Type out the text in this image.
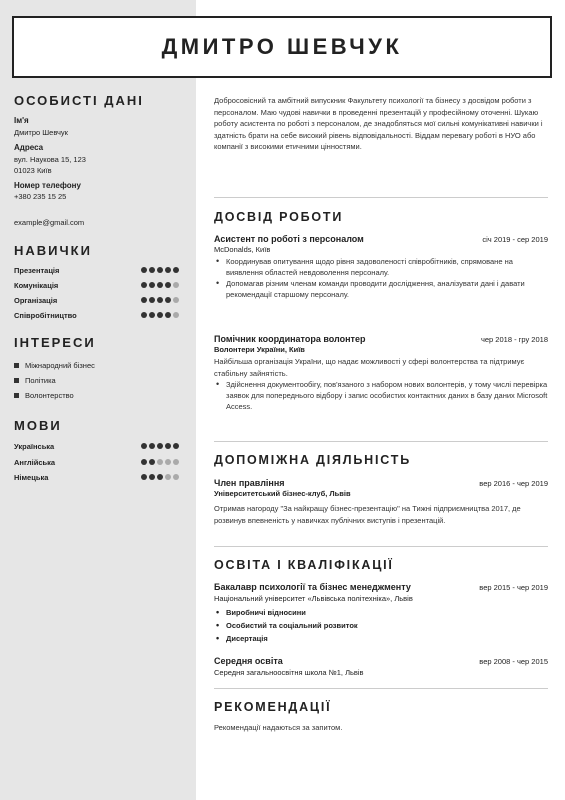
ДМИТРО ШЕВЧУК
ОСОБИСТІ ДАНІ
Ім'я
Дмитро Шевчук
Адреса
вул. Наукова 15, 123
01023 Київ
Номер телефону
+380 235 15 25
example@gmail.com
НАВИЧКИ
Презентація
Комунікація
Організація
Співробітництво
ІНТЕРЕСИ
Міжнародний бізнес
Політика
Волонтерство
МОВИ
Українська
Англійська
Німецька
Добросовісний та амбітний випускник Факультету психології та бізнесу з досвідом роботи з персоналом. Маю чудові навички в проведенні презентацій у професійному оточенні. Шукаю роботу асистента по роботі з персоналом, де знадобляться мої сильні комунікативні навички і здатність брати на себе високий рівень відповідальності. Віддам перевагу роботі в НУО або компанії з високими етичними цінностями.
ДОСВІД РОБОТИ
Асистент по роботі з персоналом	січ 2019 - сер 2019
McDonalds, Київ
• Координував опитування щодо рівня задоволеності співробітників, спрямоване на виявлення областей невдоволення персоналу.
• Допомагав різним членам команди проводити дослідження, аналізувати дані і давати рекомендації старшому персоналу.
Помічник координатора волонтер	чер 2018 - гру 2018
Волонтери України, Київ
Найбільша організація України, що надає можливості у сфері волонтерства та підтримує стабільну зайнятість.
• Здійснення документообігу, пов'язаного з набором нових волонтерів, у тому числі перевірка заявок для попереднього відбору і запис особистих контактних даних в базу даних Microsoft Access.
ДОПОМІЖНА ДІЯЛЬНІСТЬ
Член правління	вер 2016 - чер 2019
Університетський бізнес-клуб, Львів
Отримав нагороду "За найкращу бізнес-презентацію" на Тижні підприємництва 2017, де розвинув впевненість у навичках публічних виступів і презентацій.
ОСВІТА І КВАЛІФІКАЦІЇ
Бакалавр психології та бізнес менеджменту	вер 2015 - чер 2019
Національний університет «Львівська політехніка», Львів
• Виробничі відносини
• Особистий та соціальний розвиток
• Дисертація
Середня освіта	вер 2008 - чер 2015
Середня загальноосвітня школа №1, Львів
РЕКОМЕНДАЦІЇ
Рекомендації надаються за запитом.
